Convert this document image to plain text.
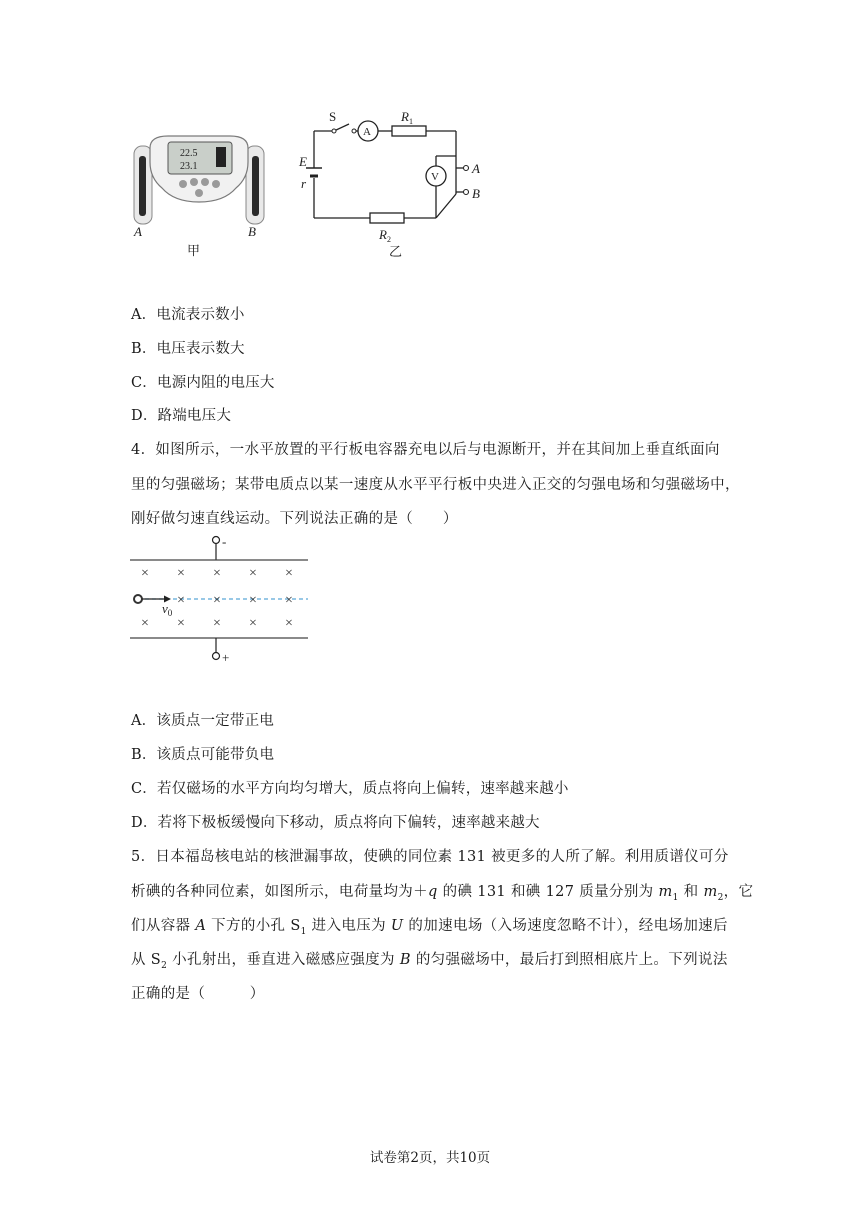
22.5
23.1
A	B
甲
S
A
V
$R_1$
$R_2$
E
r
A
B
乙
A．电流表示数小
B．电压表示数大
C．电源内阻的电压大
D．路端电压大
4．如图所示，一水平放置的平行板电容器充电以后与电源断开，并在其间加上垂直纸面向
里的匀强磁场；某带电质点以某一速度从水平平行板中央进入正交的匀强电场和匀强磁场中，
刚好做匀速直线运动。下列说法正确的是（　　）
-
+
× × × × ×
× × × ×
× × × × ×
$v_0$
A．该质点一定带正电
B．该质点可能带负电
C．若仅磁场的水平方向均匀增大，质点将向上偏转，速率越来越小
D．若将下极板缓慢向下移动，质点将向下偏转，速率越来越大
5．日本福岛核电站的核泄漏事故，使碘的同位素 131 被更多的人所了解。利用质谱仪可分
析碘的各种同位素，如图所示，电荷量均为＋q 的碘 131 和碘 127 质量分别为 $m_1$ 和 $m_2$，它
们从容器 A 下方的小孔 $S_1$ 进入电压为 U 的加速电场（入场速度忽略不计），经电场加速后
从 $S_2$ 小孔射出，垂直进入磁感应强度为 B 的匀强磁场中，最后打到照相底片上。下列说法
正确的是（　　　）
试卷第2页，共10页
